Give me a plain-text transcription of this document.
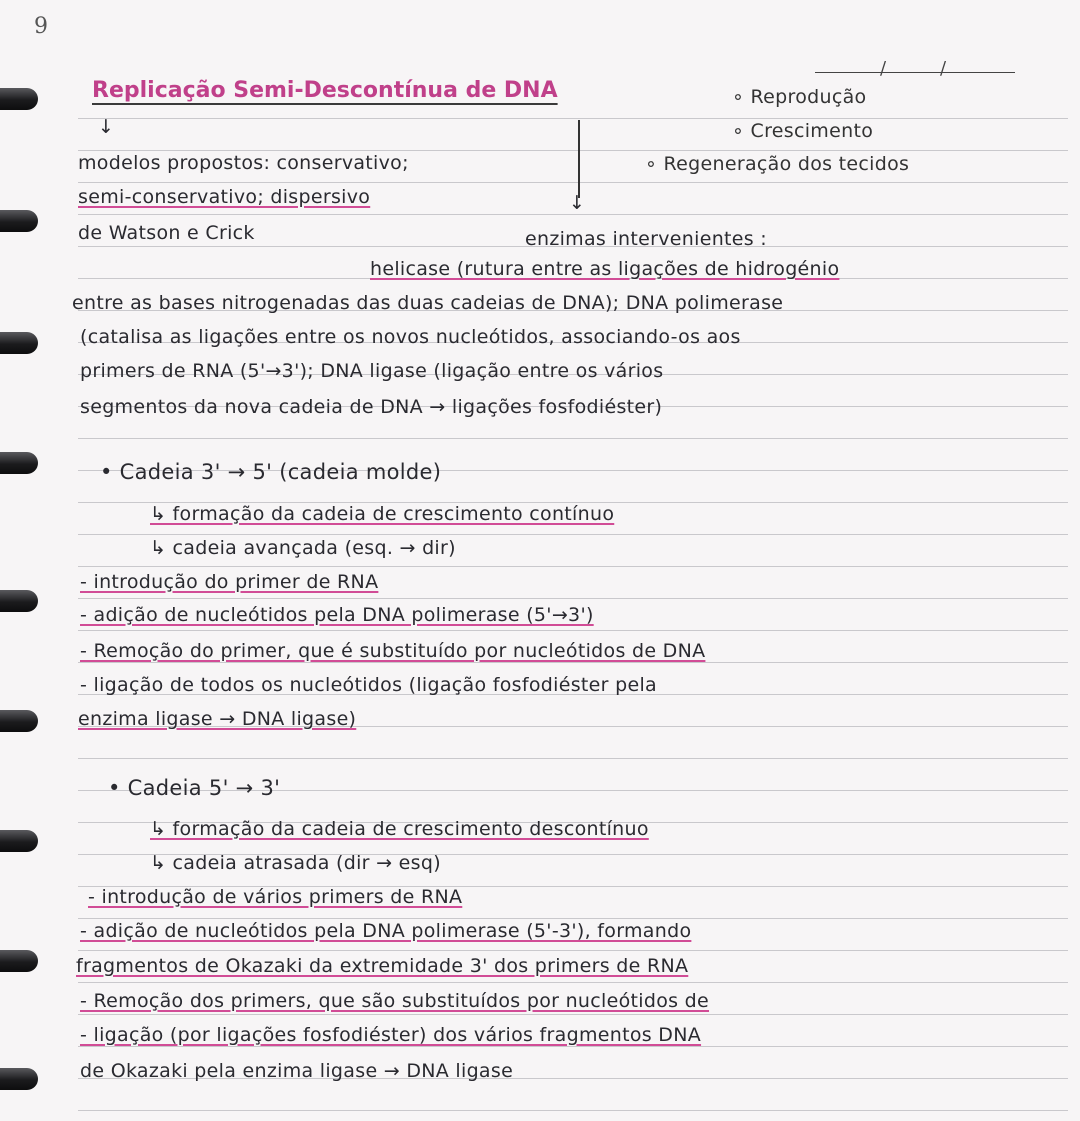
9
/	/
Replicação Semi-Descontínua de DNA	∘ Reprodução
∘ Crescimento
∘ Regeneração dos tecidos
↓
modelos propostos: conservativo;
semi-conservativo; dispersivo
de Watson e Crick
↓
enzimas intervenientes :
helicase (rutura entre as ligações de hidrogénio
entre as bases nitrogenadas das duas cadeias de DNA); DNA polimerase
(catalisa as ligações entre os novos nucleótidos, associando-os aos
primers de RNA (5'→3'); DNA ligase (ligação entre os vários
segmentos da nova cadeia de DNA → ligações fosfodiéster)
• Cadeia 3' → 5' (cadeia molde)
↳ formação da cadeia de crescimento contínuo
↳ cadeia avançada (esq. → dir)
- introdução do primer de RNA
- adição de nucleótidos pela DNA polimerase (5'→3')
- Remoção do primer, que é substituído por nucleótidos de DNA
- ligação de todos os nucleótidos (ligação fosfodiéster pela
enzima ligase → DNA ligase)
• Cadeia 5' → 3'
↳ formação da cadeia de crescimento descontínuo
↳ cadeia atrasada (dir → esq)
- introdução de vários primers de RNA
- adição de nucleótidos pela DNA polimerase (5'-3'), formando
fragmentos de Okazaki da extremidade 3' dos primers de RNA
- Remoção dos primers, que são substituídos por nucleótidos de
- ligação (por ligações fosfodiéster) dos vários fragmentos DNA
de Okazaki pela enzima ligase → DNA ligase
